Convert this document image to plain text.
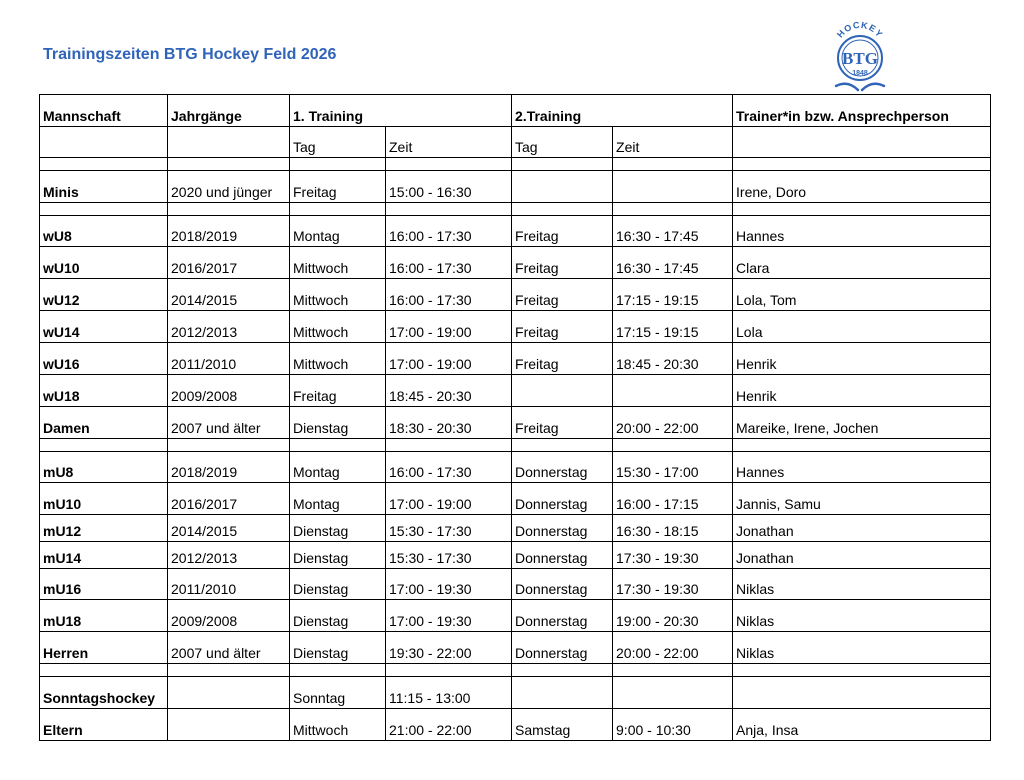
Trainingszeiten BTG Hockey Feld 2026
HOCKEY
BTG
1848
Mannschaft	Jahrgänge	1. Training		2.Training		Trainer*in bzw. Ansprechperson
		Tag	Zeit	Tag	Zeit	

Minis	2020 und jünger	Freitag	15:00 - 16:30			Irene, Doro

wU8	2018/2019	Montag	16:00 - 17:30	Freitag	16:30 - 17:45	Hannes
wU10	2016/2017	Mittwoch	16:00 - 17:30	Freitag	16:30 - 17:45	Clara
wU12	2014/2015	Mittwoch	16:00 - 17:30	Freitag	17:15 - 19:15	Lola, Tom
wU14	2012/2013	Mittwoch	17:00 - 19:00	Freitag	17:15 - 19:15	Lola
wU16	2011/2010	Mittwoch	17:00 - 19:00	Freitag	18:45 - 20:30	Henrik
wU18	2009/2008	Freitag	18:45 - 20:30			Henrik
Damen	2007 und älter	Dienstag	18:30 - 20:30	Freitag	20:00 - 22:00	Mareike, Irene, Jochen

mU8	2018/2019	Montag	16:00 - 17:30	Donnerstag	15:30 - 17:00	Hannes
mU10	2016/2017	Montag	17:00 - 19:00	Donnerstag	16:00 - 17:15	Jannis, Samu
mU12	2014/2015	Dienstag	15:30 - 17:30	Donnerstag	16:30 - 18:15	Jonathan
mU14	2012/2013	Dienstag	15:30 - 17:30	Donnerstag	17:30 - 19:30	Jonathan
mU16	2011/2010	Dienstag	17:00 - 19:30	Donnerstag	17:30 - 19:30	Niklas
mU18	2009/2008	Dienstag	17:00 - 19:30	Donnerstag	19:00 - 20:30	Niklas
Herren	2007 und älter	Dienstag	19:30 - 22:00	Donnerstag	20:00 - 22:00	Niklas

Sonntagshockey		Sonntag	11:15 - 13:00			
Eltern		Mittwoch	21:00 - 22:00	Samstag	9:00 - 10:30	Anja, Insa
